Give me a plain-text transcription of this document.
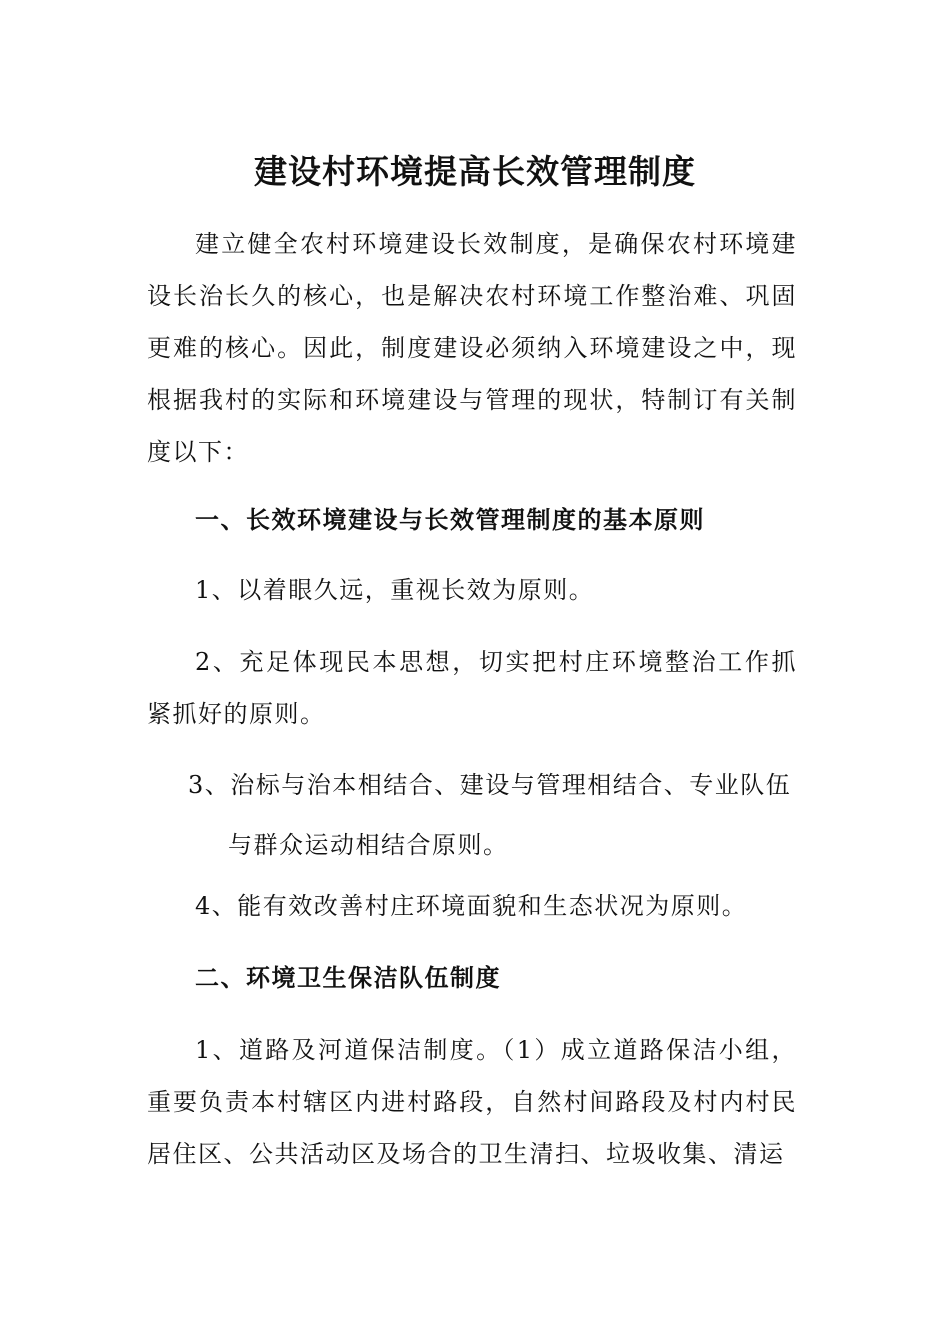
建设村环境提高长效管理制度

建立健全农村环境建设长效制度，是确保农村环境建设长治长久的核心，也是解决农村环境工作整治难、巩固更难的核心。因此，制度建设必须纳入环境建设之中，现根据我村的实际和环境建设与管理的现状，特制订有关制度以下：

一、长效环境建设与长效管理制度的基本原则

1、以着眼久远，重视长效为原则。

2、充足体现民本思想，切实把村庄环境整治工作抓紧抓好的原则。

3、治标与治本相结合、建设与管理相结合、专业队伍
与群众运动相结合原则。

4、能有效改善村庄环境面貌和生态状况为原则。

二、环境卫生保洁队伍制度

1、道路及河道保洁制度。（1）成立道路保洁小组，重要负责本村辖区内进村路段，自然村间路段及村内村民居住区、公共活动区及场合的卫生清扫、垃圾收集、清运
